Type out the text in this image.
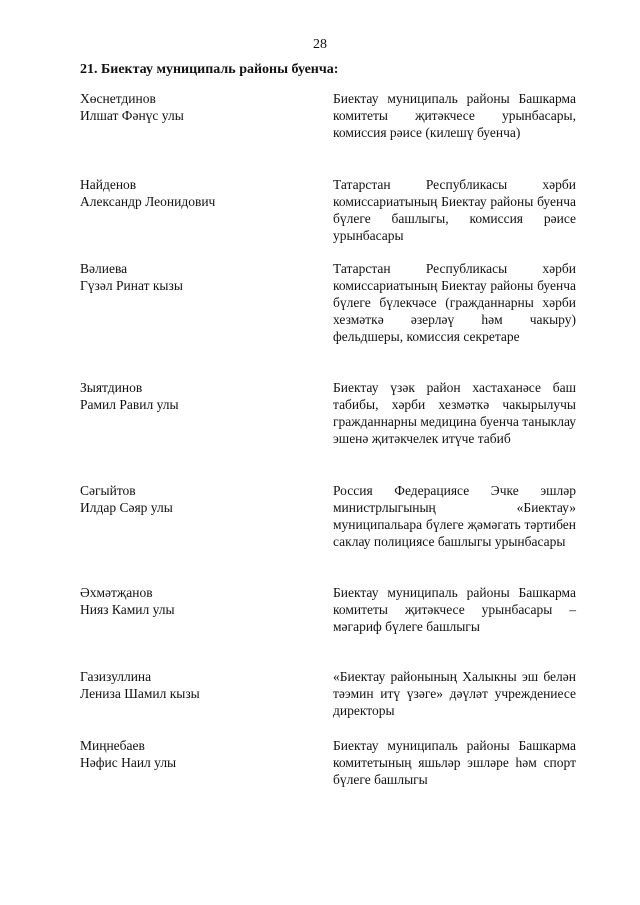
28
21. Биектау муниципаль районы буенча:
Хөснетдинов
Илшат Фәнүс улы
Биектау муниципаль районы Башкарма комитеты җитәкчесе урынбасары, комиссия рәисе (килешү буенча)
Найденов
Александр Леонидович
Татарстан Республикасы хәрби комиссариатының Биектау районы буенча бүлеге башлыгы, комиссия рәисе урынбасары
Вәлиева
Гүзәл Ринат кызы
Татарстан Республикасы хәрби комиссариатының Биектау районы буенча бүлеге бүлекчәсе (гражданнарны хәрби хезмәткә әзерләү һәм чакыру) фельдшеры, комиссия секретаре
Зыятдинов
Рамил Равил улы
Биектау үзәк район хастаханәсе баш табибы, хәрби хезмәткә чакырылучы гражданнарны медицина буенча таныклау эшенә җитәкчелек итүче табиб
Сәгыйтов
Илдар Сәяр улы
Россия Федерациясе Эчке эшләр министрлыгының «Биектау» муниципальара бүлеге җәмәгать тәртибен саклау полициясе башлыгы урынбасары
Әхмәтҗанов
Нияз Камил улы
Биектау муниципаль районы Башкарма комитеты җитәкчесе урынбасары – мәгариф бүлеге башлыгы
Газизуллина
Лениза Шамил кызы
«Биектау районының Халыкны эш белән тәэмин итү үзәге» дәүләт учреждениесе директоры
Миңнебаев
Нәфис Наил улы
Биектау муниципаль районы Башкарма комитетының яшьләр эшләре һәм спорт бүлеге башлыгы
